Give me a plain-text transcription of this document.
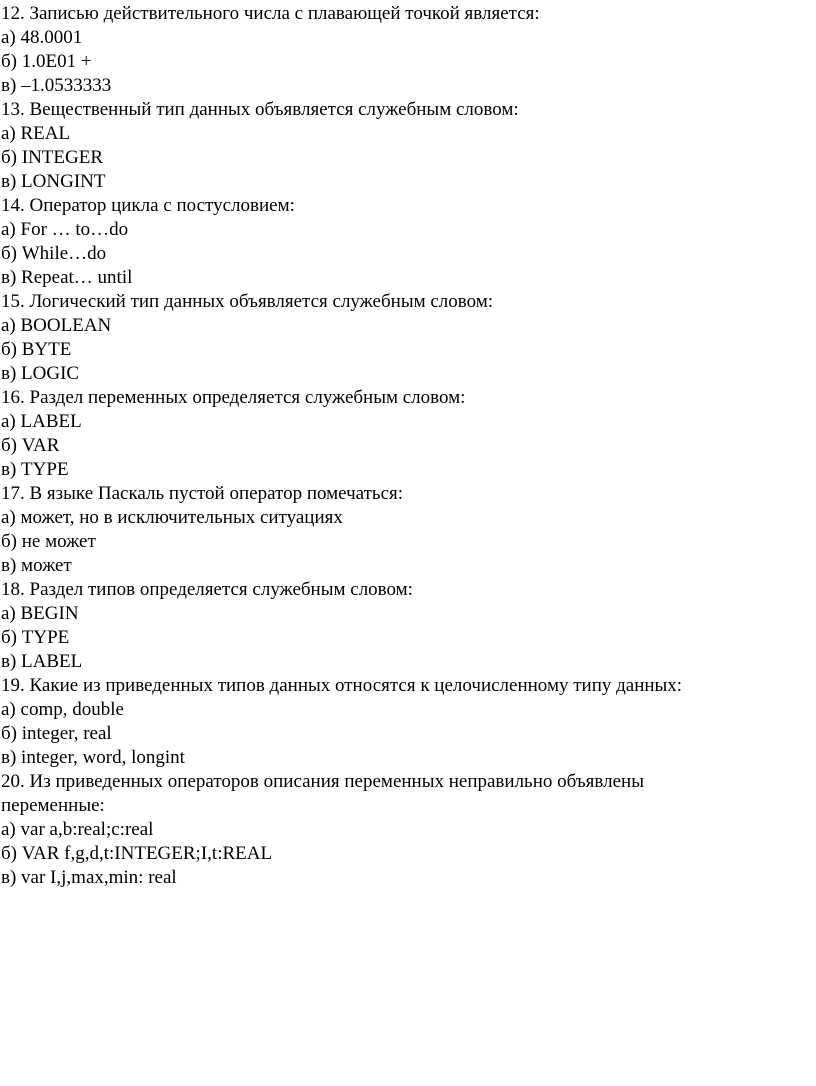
12. Записью действительного числа с плавающей точкой является:
а) 48.0001
б) 1.0E01 +
в) –1.0533333
13. Вещественный тип данных объявляется служебным словом:
а) REAL
б) INTEGER
в) LONGINT
14. Оператор цикла с постусловием:
а) For … to…do
б) While…do
в) Repeat… until
15. Логический тип данных объявляется служебным словом:
а) BOOLEAN
б) BYTE
в) LOGIC
16. Раздел переменных определяется служебным словом:
а) LABEL
б) VAR
в) TYPE
17. В языке Паскаль пустой оператор помечаться:
а) может, но в исключительных ситуациях
б) не может
в) может
18. Раздел типов определяется служебным словом:
а) BEGIN
б) TYPE
в) LABEL
19. Какие из приведенных типов данных относятся к целочисленному типу данных:
а) comp, double
б) integer, real
в) integer, word, longint
20. Из приведенных операторов описания переменных неправильно объявлены
переменные:
а) var a,b:real;c:real
б) VAR f,g,d,t:INTEGER;I,t:REAL
в) var I,j,max,min: real
